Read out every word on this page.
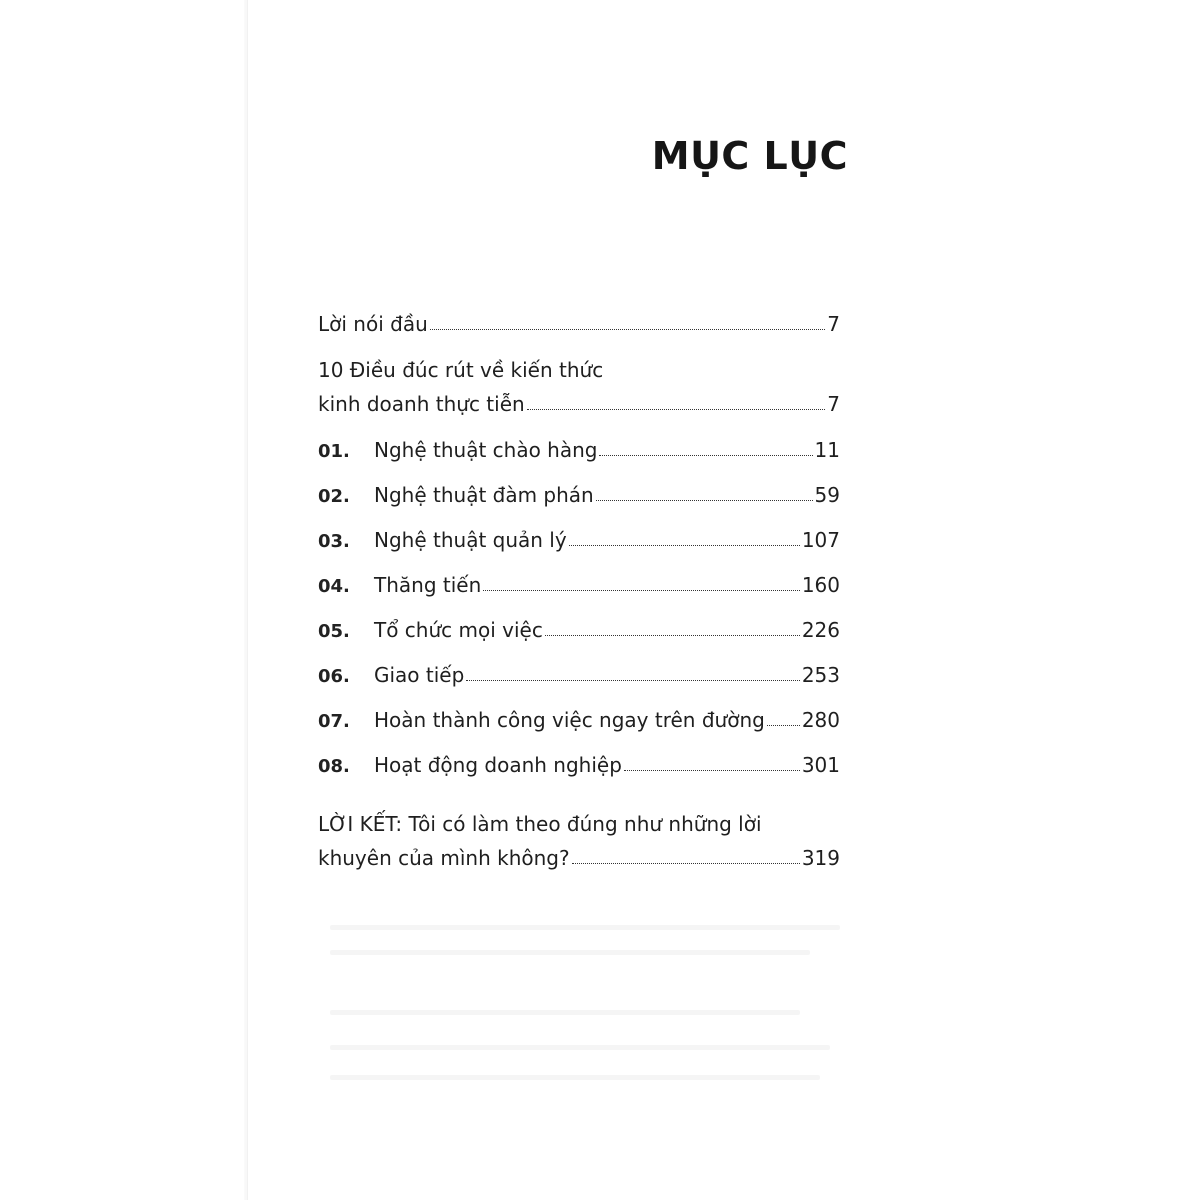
MỤC LỤC
Lời nói đầu	7
10 Điều đúc rút về kiến thức
kinh doanh thực tiễn	7
01.	Nghệ thuật chào hàng	11
02.	Nghệ thuật đàm phán	59
03.	Nghệ thuật quản lý	107
04.	Thăng tiến	160
05.	Tổ chức mọi việc	226
06.	Giao tiếp	253
07.	Hoàn thành công việc ngay trên đường 280
08.	Hoạt động doanh nghiệp	301
LỜI KẾT: Tôi có làm theo đúng như những lời
khuyên của mình không?	319
